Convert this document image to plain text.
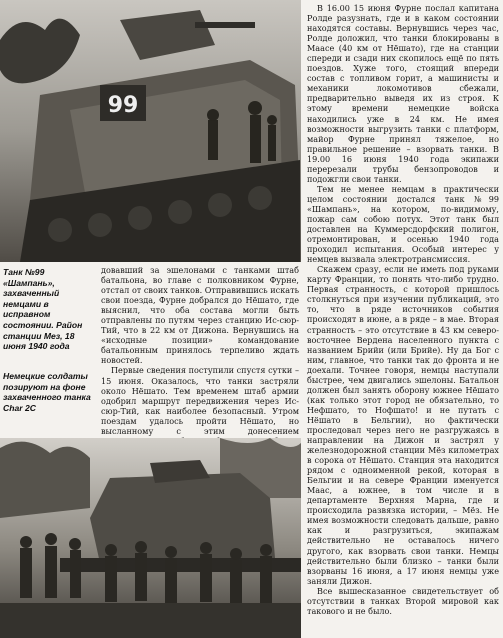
99
Танк №99 «Шампань», захваченный немцами в исправном состоянии. Район станции Мез, 18 июня 1940 года
Немецкие солдаты позируют на фоне захваченного танка Char 2C

довавший за эшелонами с танками штаб батальона, во главе с полковником Фурне, отстал от своих танков. Отправившись искать свои поезда, Фурне добрался до Нёшато, где выяснил, что оба состава могли быть отправлены по путям через станцию Ис-сюр-Тий, что в 22 км от Дижона. Вернувшись на «исходные позиции» командование батальонным принялось терпеливо ждать новостей.

Первые сведения поступили спустя сутки – 15 июня. Оказалось, что танки застряли около Нёшато. Тем временем штаб армии одобрил маршрут передвижения через Ис-сюр-Тий, как наиболее безопасный. Утром поездам удалось пройти Нёшато, но высланному с этим донесением

В 16.00 15 июня Фурне послал капитана Ролде разузнать, где и в каком состоянии находятся составы. Вернувшись через час, Ролде доложил, что танки блокированы в Маасе (40 км от Нёшато), где на станции спереди и сзади них скопилось ещё по пять поездов. Хуже того, стоящий впереди состав с топливом горит, а машинисты и механики локомотивов сбежали, предварительно выведя их из строя. К этому времени немецкие войска находились уже в 24 км. Не имея возможности выгрузить танки с платформ, майор Фурне принял тяжелое, но правильное решение – взорвать танки. В 19.00 16 июня 1940 года экипажи перерезали трубы бензопроводов и подожгли свои танки.

Тем не менее немцам в практически целом состоянии достался танк №99 «Шампань», на котором, по-видимому, пожар сам собою потух. Этот танк был доставлен на Куммерсдорфский полигон, отремонтирован, и осенью 1940 года проходил испытания. Особый интерес у немцев вызвала электротрансмиссия.

Скажем сразу, если не иметь под руками карту Франции, то понять что-либо трудно. Первая странность, с которой пришлось столкнуться при изучении публикаций, это то, что в ряде источников события происходят в июне, а в ряде – в мае. Вторая странность – это отсутствие в 43 км северо-восточнее Вердена населенного пункта с названием Брийи (или Брийе). Ну да Бог с ним, главное, что танки так до фронта и не доехали. Точнее говоря, немцы наступали быстрее, чем двигались эшелоны. Батальон должен был занять оборону южнее Нёшато (как только этот город не обязательно, то Нефшато, то Нофшато! и не путать с Нёшато в Бельгии), но фактически проследовал через него не разгружаясь в направлении на Дижон и застрял у железнодорожной станции Мёз километрах в сорока от Нёшато. Станция эта находится рядом с одноименной рекой, которая в Бельгии и на севере Франции именуется Маас, а южнее, в том числе и в департаменте Верхняя Марна, где и происходила развязка истории, – Мёз. Не имея возможности следовать дальше, равно как и разгрузиться, экипажам действительно не оставалось ничего другого, как взорвать свои танки. Немцы действительно были близко – танки были взорваны 16 июня, а 17 июня немцы уже заняли Дижон.

Все вышесказанное свидетельствует об отсутствии в танках Второй мировой как такового и не было.
